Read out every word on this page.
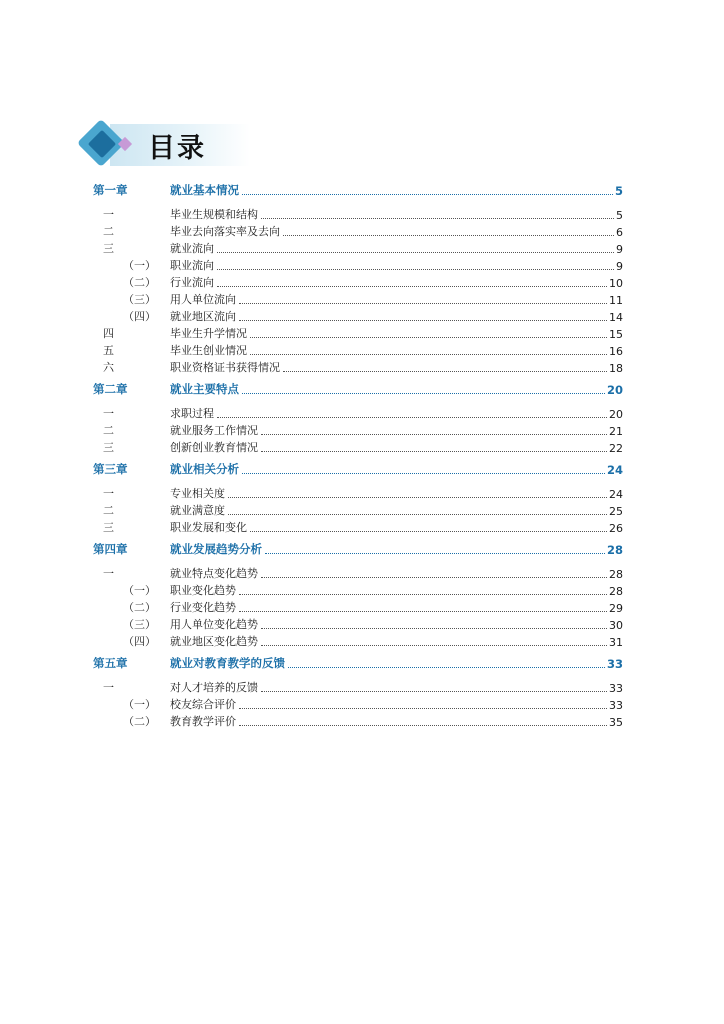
目录
第一章	就业基本情况	5
一	毕业生规模和结构	5
二	毕业去向落实率及去向	6
三	就业流向	9
（一）	职业流向	9
（二）	行业流向	10
（三）	用人单位流向	11
（四）	就业地区流向	14
四	毕业生升学情况	15
五	毕业生创业情况	16
六	职业资格证书获得情况	18
第二章	就业主要特点	20
一	求职过程	20
二	就业服务工作情况	21
三	创新创业教育情况	22
第三章	就业相关分析	24
一	专业相关度	24
二	就业满意度	25
三	职业发展和变化	26
第四章	就业发展趋势分析	28
一	就业特点变化趋势	28
（一）	职业变化趋势	28
（二）	行业变化趋势	29
（三）	用人单位变化趋势	30
（四）	就业地区变化趋势	31
第五章	就业对教育教学的反馈	33
一	对人才培养的反馈	33
（一）	校友综合评价	33
（二）	教育教学评价	35
